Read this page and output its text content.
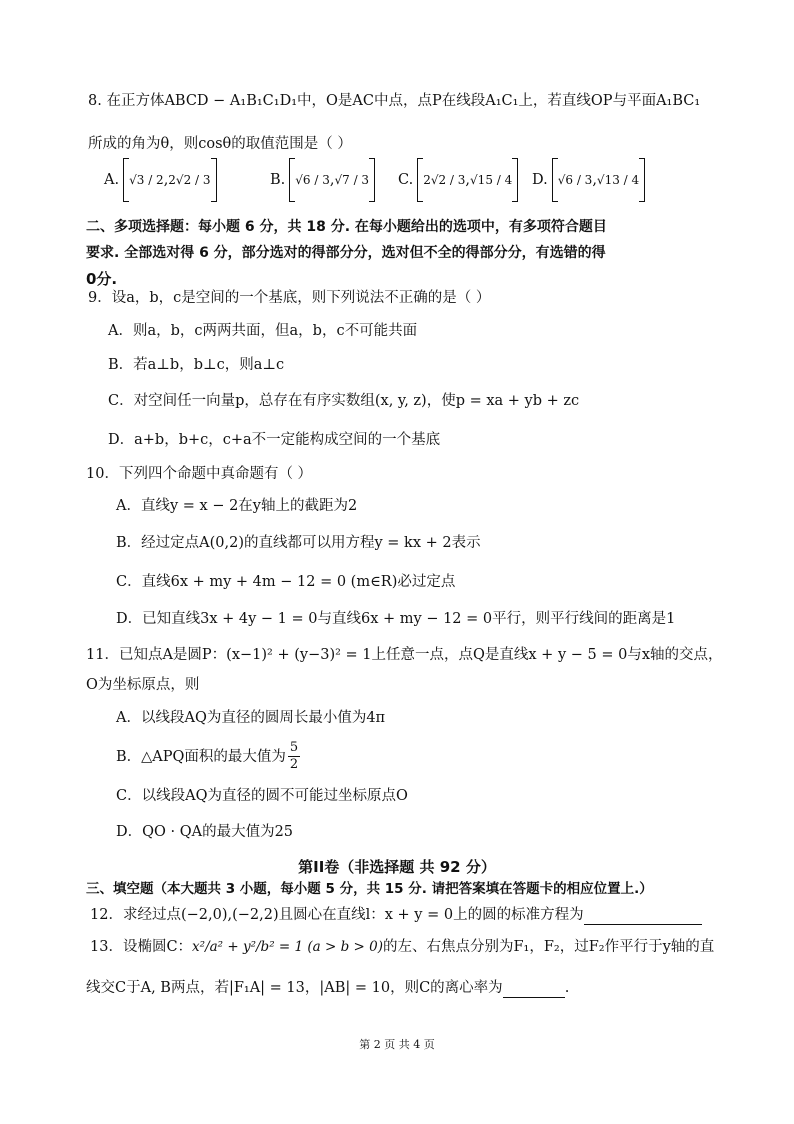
8. 在正方体ABCD − A₁B₁C₁D₁中，O是AC中点，点P在线段A₁C₁上，若直线OP与平面A₁BC₁
所成的角为θ，则cosθ的取值范围是（ ）
A. √3 / 2 , 2√2 / 3	B. √6 / 3 , √7 / 3 C. 2√2 / 3 , √15 / 4 D. √6 / 3 , √13 / 4
二、多项选择题：每小题 6 分，共 18 分. 在每小题给出的选项中，有多项符合题目
要求. 全部选对得 6 分，部分选对的得部分分，选对但不全的得部分分，有选错的得
0分.
9．设a，b，c是空间的一个基底，则下列说法不正确的是（ ）
A．则a，b，c两两共面，但a，b，c不可能共面
B．若a⊥b，b⊥c，则a⊥c
C．对空间任一向量p，总存在有序实数组(x, y, z)，使p = xa + yb + zc
D．a+b，b+c，c+a不一定能构成空间的一个基底
10．下列四个命题中真命题有（ ）
A．直线y = x − 2在y轴上的截距为2
B．经过定点A(0,2)的直线都可以用方程y = kx + 2表示
C．直线6x + my + 4m − 12 = 0 (m∈R)必过定点
D．已知直线3x + 4y − 1 = 0与直线6x + my − 12 = 0平行，则平行线间的距离是1
11．已知点A是圆P：(x−1)² + (y−3)² = 1上任意一点，点Q是直线x + y − 5 = 0与x轴的交点，
O为坐标原点，则
A．以线段AQ为直径的圆周长最小值为4π
B．△APQ面积的最大值为 $\frac{5}{2}$
C．以线段AQ为直径的圆不可能过坐标原点O
D．QO · QA的最大值为25
第II卷（非选择题 共 92 分）
三、填空题（本大题共 3 小题，每小题 5 分，共 15 分. 请把答案填在答题卡的相应位置上.）
12．求经过点(−2,0),(−2,2)且圆心在直线l：x + y = 0上的圆的标准方程为
13．设椭圆C： x²/a² + y²/b² = 1 (a > b > 0) 的左、右焦点分别为F₁，F₂，过F₂作平行于y轴的直
线交C于A, B两点，若|F₁A| = 13，|AB| = 10，则C的离心率为	.
第 2 页 共 4 页
